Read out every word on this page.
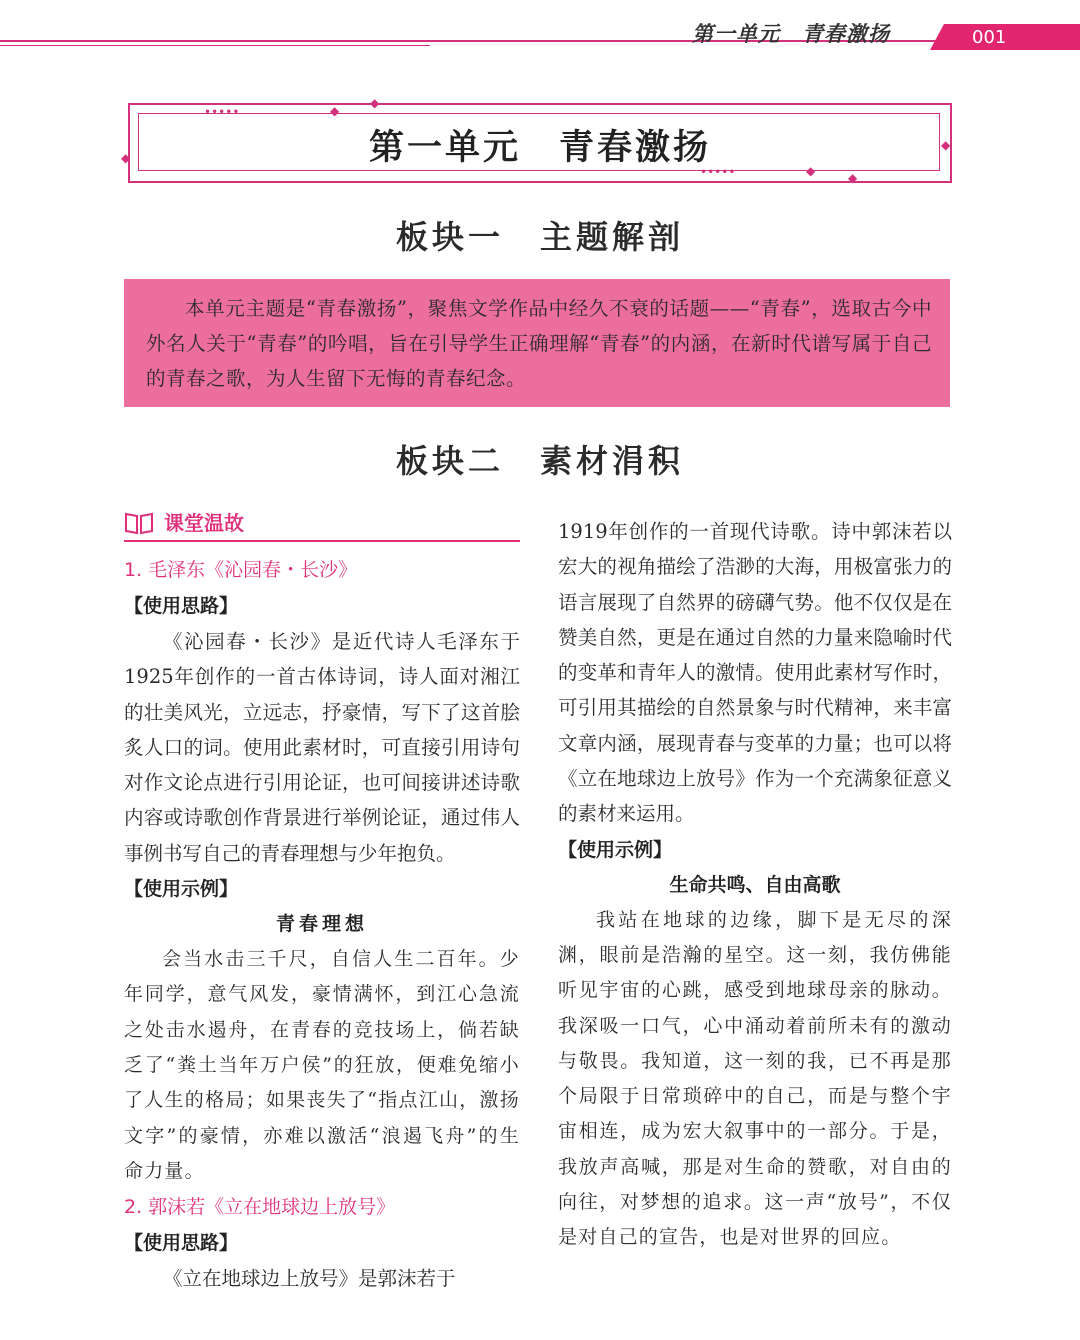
第一单元　青春激扬	001
•••••	◆
◆
◆
◆
•••••	◆	◆
第一单元　青春激扬
板块一　主题解剖
本单元主题是“青春激扬”，聚焦文学作品中经久不衰的话题——“青春”，选取古今中外名人关于“青春”的吟唱，旨在引导学生正确理解“青春”的内涵，在新时代谱写属于自己的青春之歌，为人生留下无悔的青春纪念。
板块二　素材涓积
课堂温故
1. 毛泽东《沁园春・长沙》
【使用思路】

《沁园春・长沙》是近代诗人毛泽东于1925年创作的一首古体诗词，诗人面对湘江的壮美风光，立远志，抒豪情，写下了这首脍炙人口的词。使用此素材时，可直接引用诗句对作文论点进行引用论证，也可间接讲述诗歌内容或诗歌创作背景进行举例论证，通过伟人事例书写自己的青春理想与少年抱负。

【使用示例】
青春理想

会当水击三千尺，自信人生二百年。少年同学，意气风发，豪情满怀，到江心急流之处击水遏舟，在青春的竞技场上，倘若缺乏了“粪土当年万户侯”的狂放，便难免缩小了人生的格局；如果丧失了“指点江山，激扬文字”的豪情，亦难以激活“浪遏飞舟”的生命力量。

2. 郭沫若《立在地球边上放号》
【使用思路】

《立在地球边上放号》是郭沫若于

1919年创作的一首现代诗歌。诗中郭沫若以宏大的视角描绘了浩渺的大海，用极富张力的语言展现了自然界的磅礴气势。他不仅仅是在赞美自然，更是在通过自然的力量来隐喻时代的变革和青年人的激情。使用此素材写作时，可引用其描绘的自然景象与时代精神，来丰富文章内涵，展现青春与变革的力量；也可以将《立在地球边上放号》作为一个充满象征意义的素材来运用。

【使用示例】
生命共鸣、自由高歌

我站在地球的边缘，脚下是无尽的深渊，眼前是浩瀚的星空。这一刻，我仿佛能听见宇宙的心跳，感受到地球母亲的脉动。我深吸一口气，心中涌动着前所未有的激动与敬畏。我知道，这一刻的我，已不再是那个局限于日常琐碎中的自己，而是与整个宇宙相连，成为宏大叙事中的一部分。于是，我放声高喊，那是对生命的赞歌，对自由的向往，对梦想的追求。这一声“放号”，不仅是对自己的宣告，也是对世界的回应。
